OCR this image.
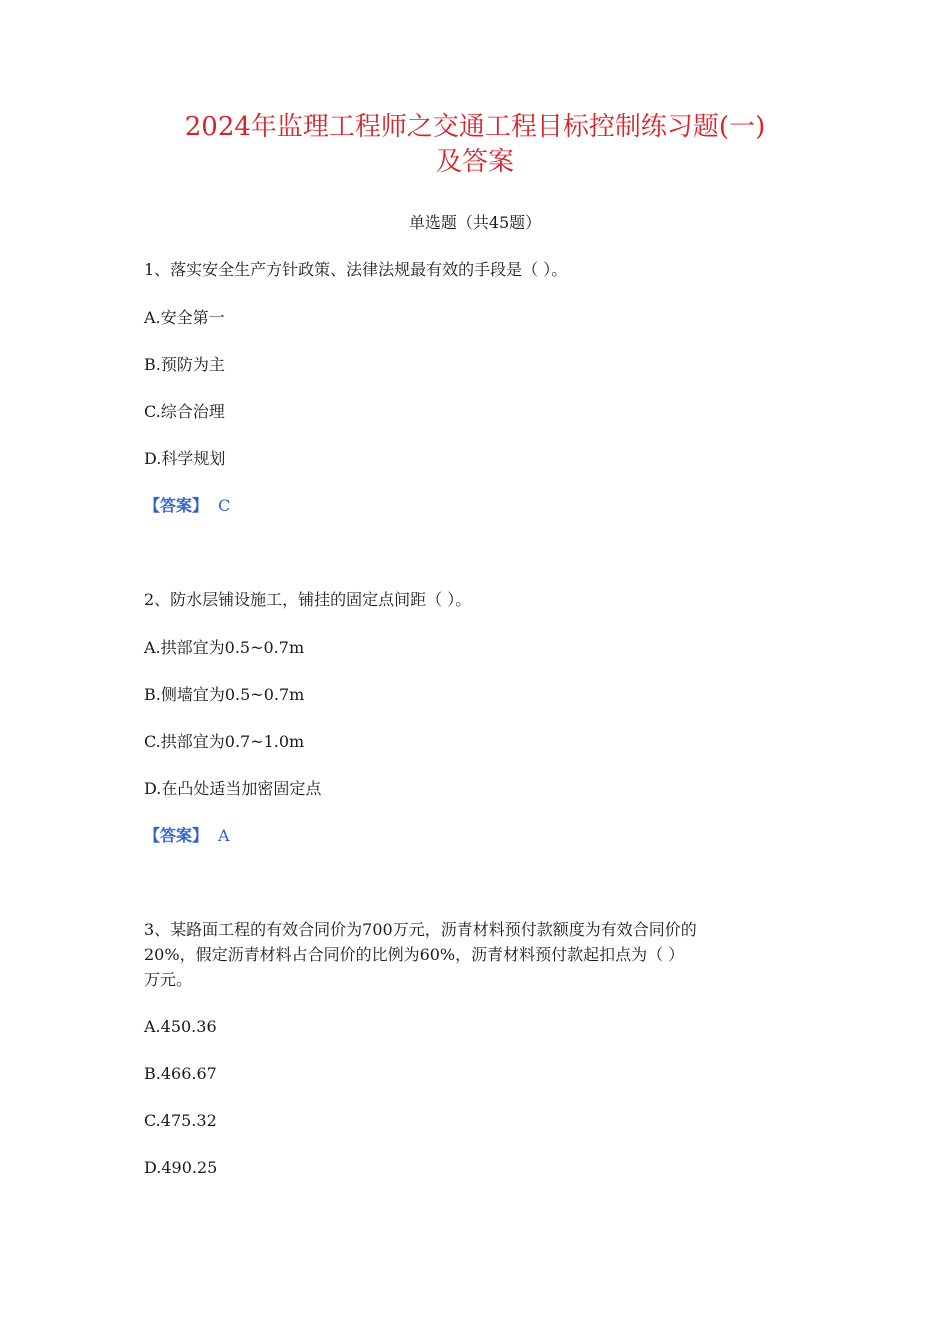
2024年监理工程师之交通工程目标控制练习题(一)
及答案
单选题（共45题）
1、落实安全生产方针政策、法律法规最有效的手段是（ ）。
A.安全第一
B.预防为主
C.综合治理
D.科学规划
【答案】 C
2、防水层铺设施工，铺挂的固定点间距（ ）。
A.拱部宜为0.5~0.7m
B.侧墙宜为0.5~0.7m
C.拱部宜为0.7~1.0m
D.在凸处适当加密固定点
【答案】 A
3、某路面工程的有效合同价为700万元，沥青材料预付款额度为有效合同价的
20%，假定沥青材料占合同价的比例为60%，沥青材料预付款起扣点为（ ）
万元。
A.450.36
B.466.67
C.475.32
D.490.25
